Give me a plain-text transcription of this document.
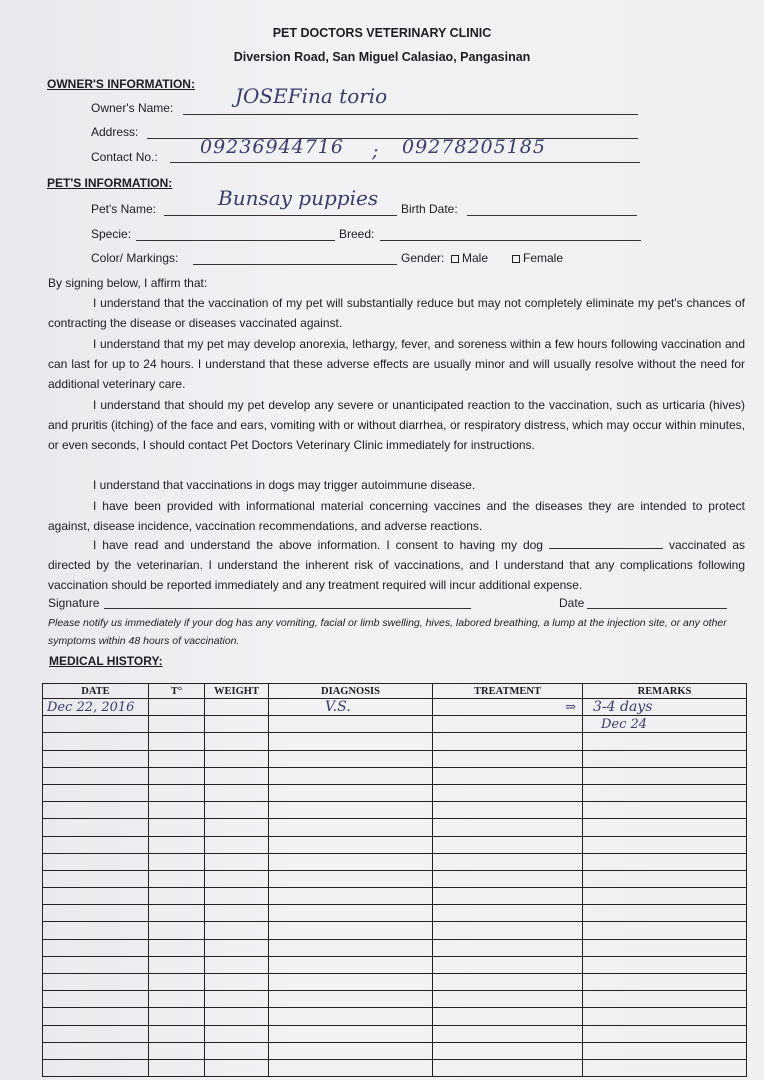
PET DOCTORS VETERINARY CLINIC
Diversion Road, San Miguel Calasiao, Pangasinan
OWNER'S INFORMATION:
Owner's Name:	JOSEFina torio
Address:
Contact No.: 09236944716 ; 09278205185
PET'S INFORMATION:
Pet's Name:	Bunsay puppies Birth Date:
Specie:	Breed:
Color/ Markings:	Gender:	Male	Female
By signing below, I affirm that:
I understand that the vaccination of my pet will substantially reduce but may not completely eliminate my pet's chances of contracting the disease or diseases vaccinated against.
I understand that my pet may develop anorexia, lethargy, fever, and soreness within a few hours following vaccination and can last for up to 24 hours. I understand that these adverse effects are usually minor and will usually resolve without the need for additional veterinary care.
I understand that should my pet develop any severe or unanticipated reaction to the vaccination, such as urticaria (hives) and pruritis (itching) of the face and ears, vomiting with or without diarrhea, or respiratory distress, which may occur within minutes, or even seconds, I should contact Pet Doctors Veterinary Clinic immediately for instructions.
I understand that vaccinations in dogs may trigger autoimmune disease.
I have been provided with informational material concerning vaccines and the diseases they are intended to protect against, disease incidence, vaccination recommendations, and adverse reactions.
I have read and understand the above information. I consent to having my dog	vaccinated as directed by the veterinarian. I understand the inherent risk of vaccinations, and I understand that any complications following vaccination should be reported immediately and any treatment required will incur additional expense.
Signature	Date
Please notify us immediately if your dog has any vomiting, facial or limb swelling, hives, labored breathing, a lump at the injection site, or any other symptoms within 48 hours of vaccination.
MEDICAL HISTORY:
DATE	T°	WEIGHT	DIAGNOSIS	TREATMENT	REMARKS
Dec 22, 2016			V.S.	⇒	3-4 days
					Dec 24
